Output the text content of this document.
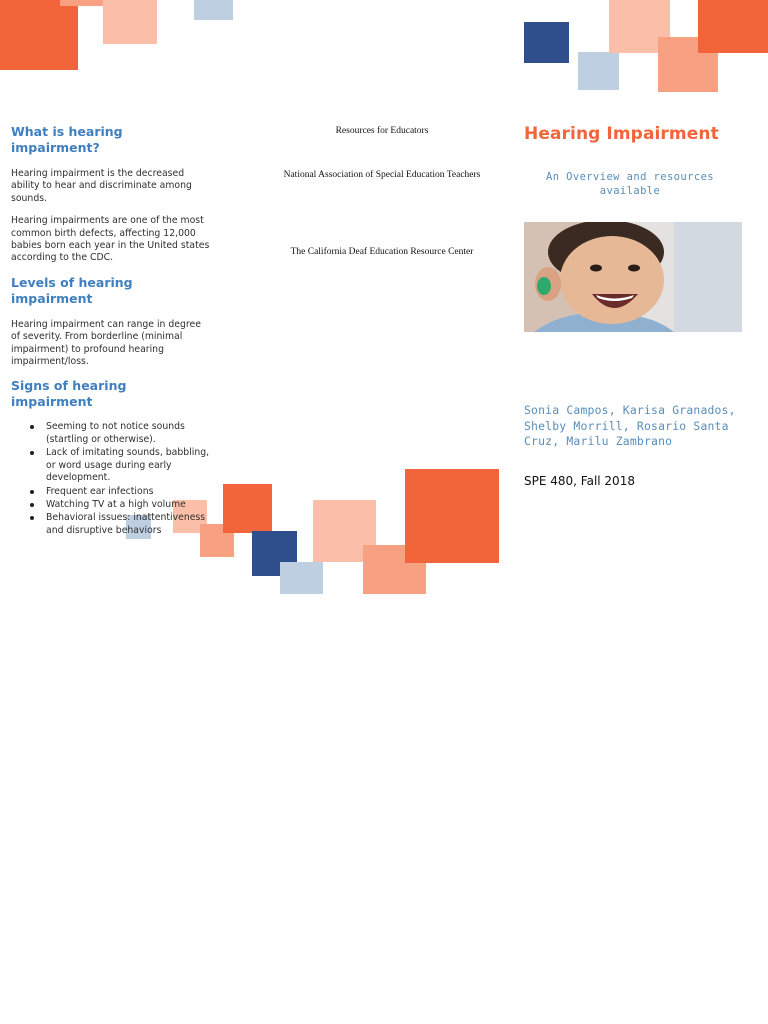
What is hearing impairment?

Hearing impairment is the decreased ability to hear and discriminate among sounds.

Hearing impairments are one of the most common birth defects, affecting 12,000 babies born each year in the United states according to the CDC.

Levels of hearing impairment

Hearing impairment can range in degree of severity. From borderline (minimal impairment) to profound hearing impairment/loss.

Signs of hearing impairment
Seeming to not notice sounds (startling or otherwise).
Lack of imitating sounds, babbling, or word usage during early development.
Frequent ear infections
Watching TV at a high volume
Behavioral issues: inattentiveness and disruptive behaviors
Resources for Educators
National Association of Special Education Teachers
The California Deaf Education Resource Center
Hearing Impairment
An Overview and resources available
Sonia Campos, Karisa Granados, Shelby Morrill, Rosario Santa Cruz, Marilu Zambrano
SPE 480, Fall 2018
